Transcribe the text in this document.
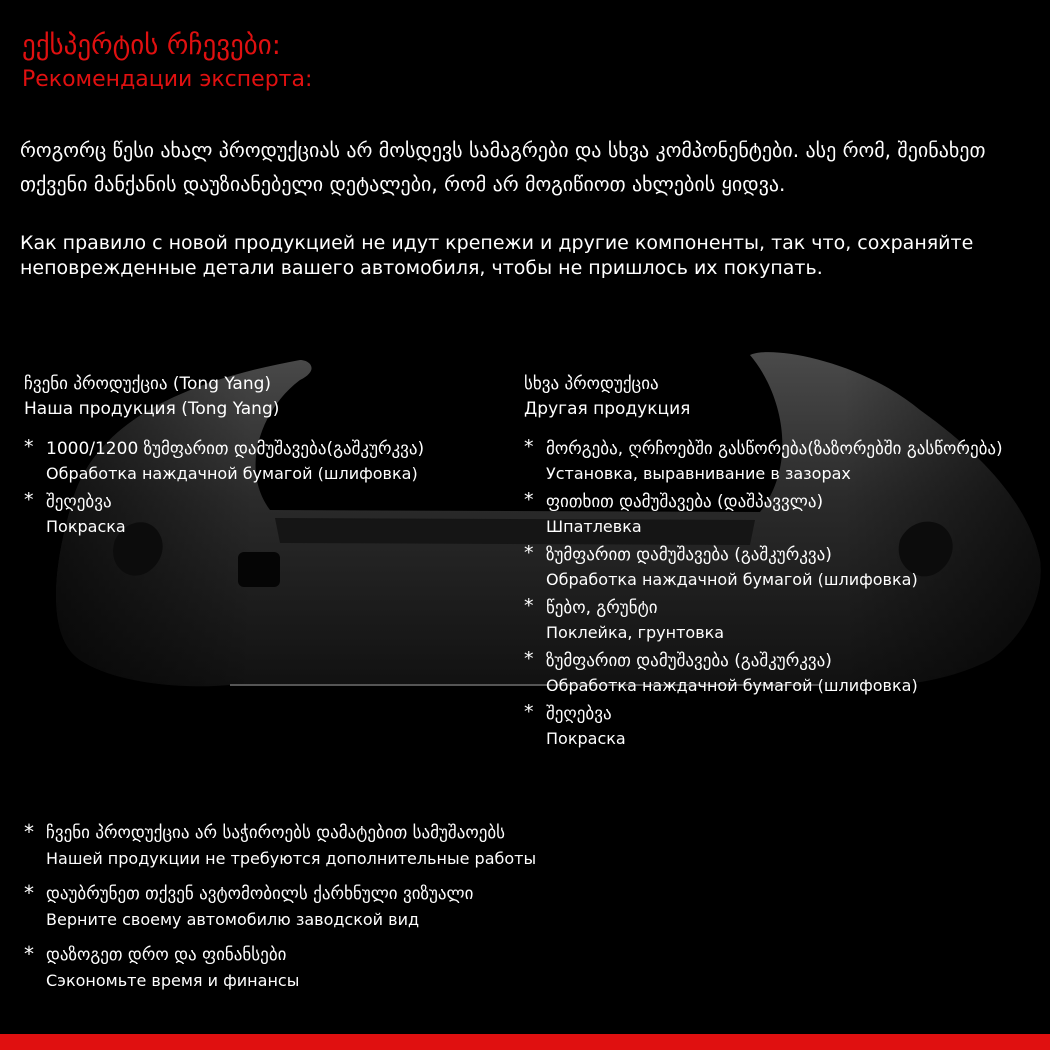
ექსპერტის რჩევები:
Рекомендации эксперта:

როგორც წესი ახალ პროდუქციას არ მოსდევს სამაგრები და სხვა კომპონენტები. ასე რომ, შეინახეთ თქვენი მანქანის დაუზიანებელი დეტალები, რომ არ მოგიწიოთ ახლების ყიდვა.

Как правило с новой продукцией не идут крепежи и другие компоненты, так что, сохраняйте неповрежденные детали вашего автомобиля, чтобы не пришлось их покупать.

ჩვენი პროდუქცია (Tong Yang)
Наша продукция (Tong Yang)
* 1000/1200 ზუმფარით დამუშავება(გაშკურკვა)
Обработка наждачной бумагой (шлифовка)
* შეღებვა
Покраска
სხვა პროდუქცია
Другая продукция
* მორგება, ღრჩოებში გასწორება(ზაზორებში გასწორება)
Установка, выравнивание в зазорах
* ფითხით დამუშავება (დაშპავვლა)
Шпатлевка
* ზუმფარით დამუშავება (გაშკურკვა)
Обработка наждачной бумагой (шлифовка)
* წებო, გრუნტი
Поклейка, грунтовка
* ზუმფარით დამუშავება (გაშკურკვა)
Обработка наждачной бумагой (шлифовка)
* შეღებვა
Покраска
* ჩვენი პროდუქცია არ საჭიროებს დამატებით სამუშაოებს
Нашей продукции не требуются дополнительные работы
* დაუბრუნეთ თქვენ ავტომობილს ქარხნული ვიზუალი
Верните своему автомобилю заводской вид
* დაზოგეთ დრო და ფინანსები
Сэкономьте время и финансы
